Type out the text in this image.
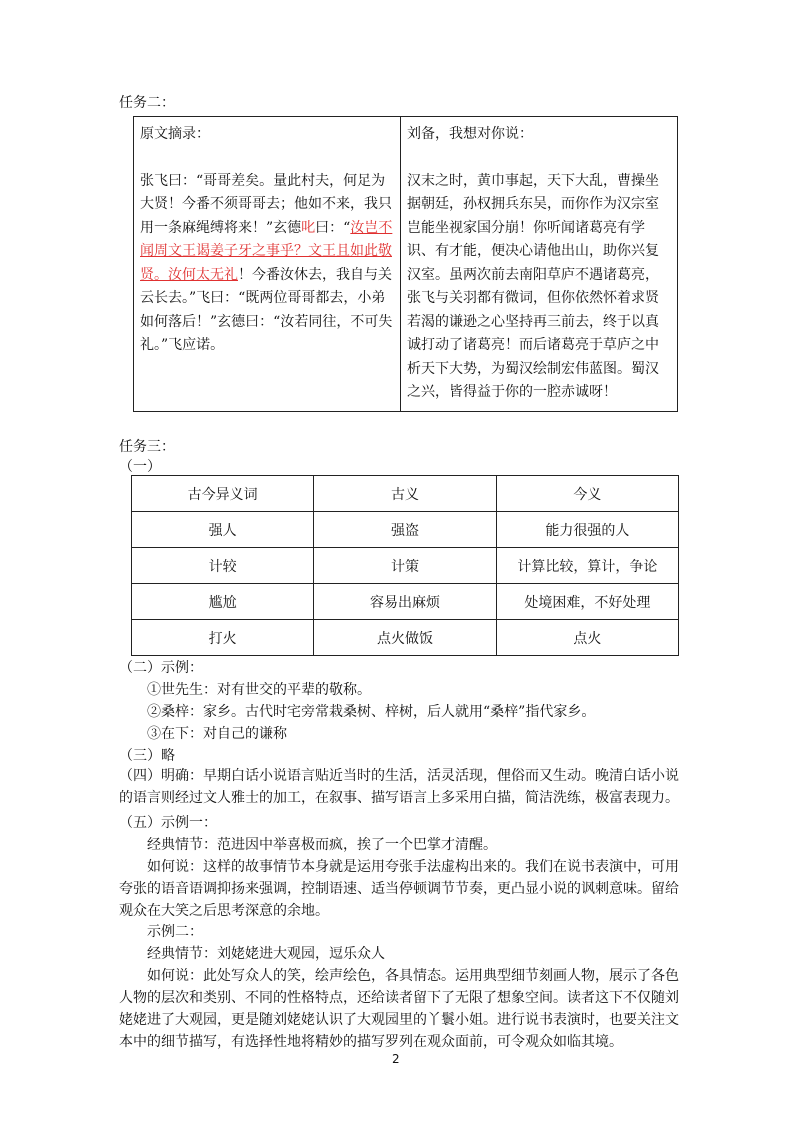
任务二：
原文摘录：
张飞曰：“哥哥差矣。量此村夫，何足为大贤！今番不须哥哥去；他如不来，我只用一条麻绳缚将来！”玄德叱曰：“汝岂不闻周文王谒姜子牙之事乎？文王且如此敬贤。汝何太无礼！今番汝休去，我自与关云长去。”飞曰：“既两位哥哥都去，小弟如何落后！”玄德曰：“汝若同往，不可失礼。”飞应诺。	
刘备，我想对你说：
汉末之时，黄巾事起，天下大乱，曹操坐据朝廷，孙权拥兵东吴，而你作为汉宗室岂能坐视家国分崩！你听闻诸葛亮有学识、有才能，便决心请他出山，助你兴复汉室。虽两次前去南阳草庐不遇诸葛亮，张飞与关羽都有微词，但你依然怀着求贤若渴的谦逊之心坚持再三前去，终于以真诚打动了诸葛亮！而后诸葛亮于草庐之中析天下大势，为蜀汉绘制宏伟蓝图。蜀汉之兴，皆得益于你的一腔赤诚呀！
任务三：
（一）
古今异义词	古义	今义
强人	强盗	能力很强的人
计较	计策	计算比较，算计，争论
尴尬	容易出麻烦	处境困难，不好处理
打火	点火做饭	点火
（二）示例：
①世先生：对有世交的平辈的敬称。
②桑梓：家乡。古代时宅旁常栽桑树、梓树，后人就用“桑梓”指代家乡。
③在下：对自己的谦称
（三）略
（四）明确：早期白话小说语言贴近当时的生活，活灵活现，俚俗而又生动。晚清白话小说的语言则经过文人雅士的加工，在叙事、描写语言上多采用白描，简洁洗练，极富表现力。
（五）示例一：
经典情节：范进因中举喜极而疯，挨了一个巴掌才清醒。
如何说：这样的故事情节本身就是运用夸张手法虚构出来的。我们在说书表演中，可用夸张的语音语调抑扬来强调，控制语速、适当停顿调节节奏，更凸显小说的讽刺意味。留给观众在大笑之后思考深意的余地。
示例二：
经典情节：刘姥姥进大观园，逗乐众人
如何说：此处写众人的笑，绘声绘色，各具情态。运用典型细节刻画人物，展示了各色人物的层次和类别、不同的性格特点，还给读者留下了无限了想象空间。读者这下不仅随刘姥姥进了大观园，更是随刘姥姥认识了大观园里的丫鬟小姐。进行说书表演时，也要关注文本中的细节描写，有选择性地将精妙的描写罗列在观众面前，可令观众如临其境。
2
